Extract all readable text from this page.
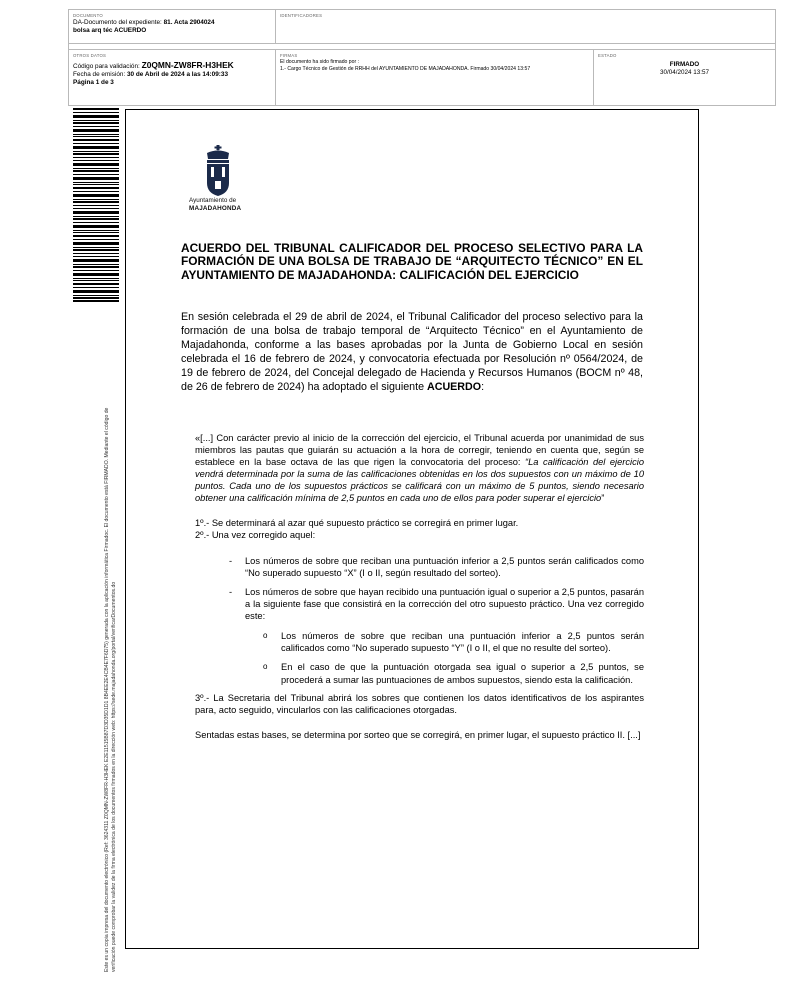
DOCUMENTO
DA-Documento del expediente: 81. Acta 2904024
bolsa arq téc ACUERDO
IDENTIFICADORES
OTROS DATOS
Código para validación: Z0QMN-ZW8FR-H3HEK
Fecha de emisión: 30 de Abril de 2024 a las 14:09:33
Página 1 de 3
FIRMAS
El documento ha sido firmado por :
1.- Cargo Técnico de Gestión de RRHH del AYUNTAMIENTO DE MAJADAHONDA. Firmado 30/04/2024 13:57
ESTADO
FIRMADO
30/04/2024 13:57
Este es un copia impresa del documento electrónico (Ref: 3624311 Z0QMN-ZW8FR-H3HEK E2E11515B87D3D35D1D1 8B4EE2E4CB4E7F6D75) generada con la aplicación informática Firmadoc. El documento está FIRMADO. Mediante el código de verificación puede comprobar la validez de la firma electrónica de los documentos firmados en la dirección web: https://sede.majadahonda.org/portal/verificarDocumentos.do
Ayuntamiento de
MAJADAHONDA
ACUERDO DEL TRIBUNAL CALIFICADOR DEL PROCESO SELECTIVO PARA LA FORMACIÓN DE UNA BOLSA DE TRABAJO DE “ARQUITECTO TÉCNICO” EN EL AYUNTAMIENTO DE MAJADAHONDA: CALIFICACIÓN DEL EJERCICIO
En sesión celebrada el 29 de abril de 2024, el Tribunal Calificador del proceso selectivo para la formación de una bolsa de trabajo temporal de “Arquitecto Técnico” en el Ayuntamiento de Majadahonda, conforme a las bases aprobadas por la Junta de Gobierno Local en sesión celebrada el 16 de febrero de 2024, y convocatoria efectuada por Resolución nº 0564/2024, de 19 de febrero de 2024, del Concejal delegado de Hacienda y Recursos Humanos (BOCM nº 48, de 26 de febrero de 2024) ha adoptado el siguiente ACUERDO:

«[...] Con carácter previo al inicio de la corrección del ejercicio, el Tribunal acuerda por unanimidad de sus miembros las pautas que guiarán su actuación a la hora de corregir, teniendo en cuenta que, según se establece en la base octava de las que rigen la convocatoria del proceso: “La calificación del ejercicio vendrá determinada por la suma de las calificaciones obtenidas en los dos supuestos con un máximo de 10 puntos. Cada uno de los supuestos prácticos se calificará con un máximo de 5 puntos, siendo necesario obtener una calificación mínima de 2,5 puntos en cada uno de ellos para poder superar el ejercicio”

1º.- Se determinará al azar qué supuesto práctico se corregirá en primer lugar.

2º.- Una vez corregido aquel:

- Los números de sobre que reciban una puntuación inferior a 2,5 puntos serán calificados como “No superado supuesto “X” (I o II, según resultado del sorteo).
- Los números de sobre que hayan recibido una puntuación igual o superior a 2,5 puntos, pasarán a la siguiente fase que consistirá en la corrección del otro supuesto práctico. Una vez corregido este:
o Los números de sobre que reciban una puntuación inferior a 2,5 puntos serán calificados como “No superado supuesto “Y” (I o II, el que no resulte del sorteo).
o En el caso de que la puntuación otorgada sea igual o superior a 2,5 puntos, se procederá a sumar las puntuaciones de ambos supuestos, siendo esta la calificación.

3º.- La Secretaria del Tribunal abrirá los sobres que contienen los datos identificativos de los aspirantes para, acto seguido, vincularlos con las calificaciones otorgadas.

Sentadas estas bases, se determina por sorteo que se corregirá, en primer lugar, el supuesto práctico II. [...]
